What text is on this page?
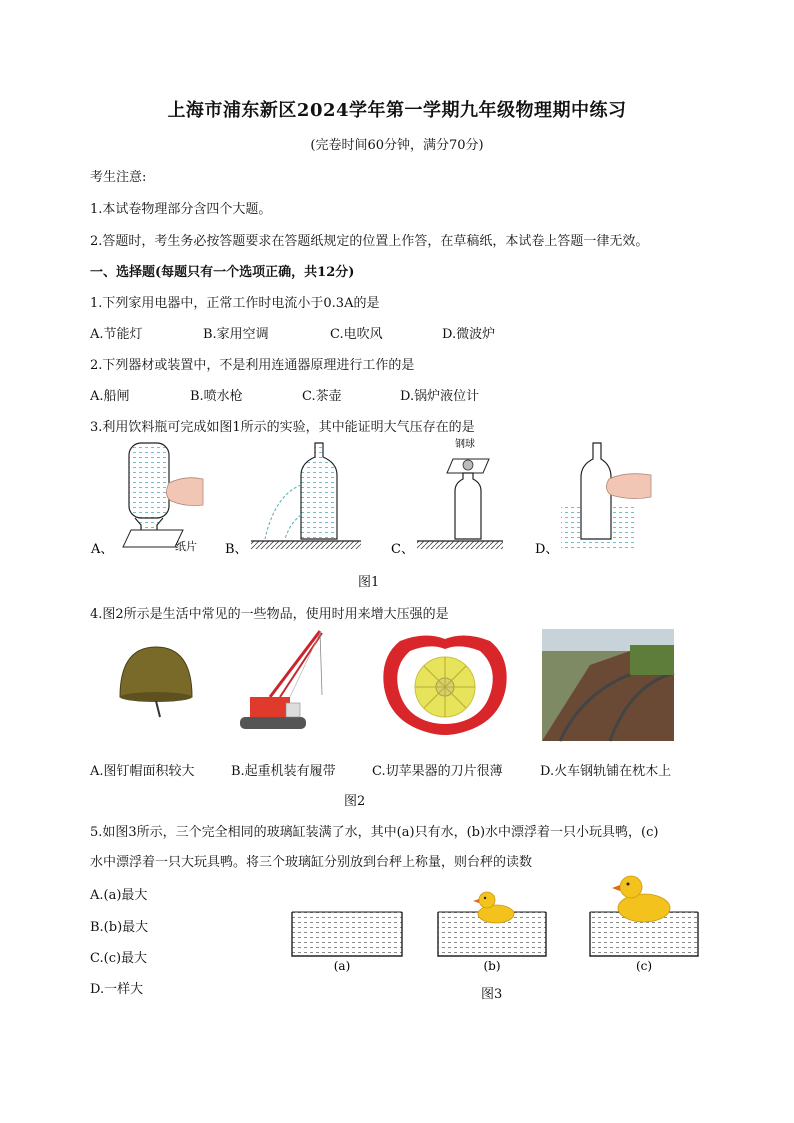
上海市浦东新区2024学年第一学期九年级物理期中练习
(完卷时间60分钟，满分70分)
考生注意:
1.本试卷物理部分含四个大题。
2.答题时，考生务必按答题要求在答题纸规定的位置上作答，在草稿纸，本试卷上答题一律无效。
一、选择题(每题只有一个选项正确，共12分)
1.下列家用电器中，正常工作时电流小于0.3A的是
A.节能灯	B.家用空调	C.电吹风	D.微波炉
2.下列器材或装置中，不是利用连通器原理进行工作的是
A.船闸	B.喷水枪	C.茶壶	D.锅炉液位计
3.利用饮料瓶可完成如图1所示的实验，其中能证明大气压存在的是
纸片
A、	B、
钢球
C、	D、
图1
4.图2所示是生活中常见的一些物品，使用时用来增大压强的是
A.图钉帽面积较大	B.起重机装有履带	C.切苹果器的刀片很薄	D.火车钢轨铺在枕木上
图2
5.如图3所示，三个完全相同的玻璃缸装满了水，其中(a)只有水，(b)水中漂浮着一只小玩具鸭，(c)
水中漂浮着一只大玩具鸭。将三个玻璃缸分别放到台秤上称量，则台秤的读数
A.(a)最大
B.(b)最大
C.(c)最大
D.一样大
(a)	(b)	(c)
图3
